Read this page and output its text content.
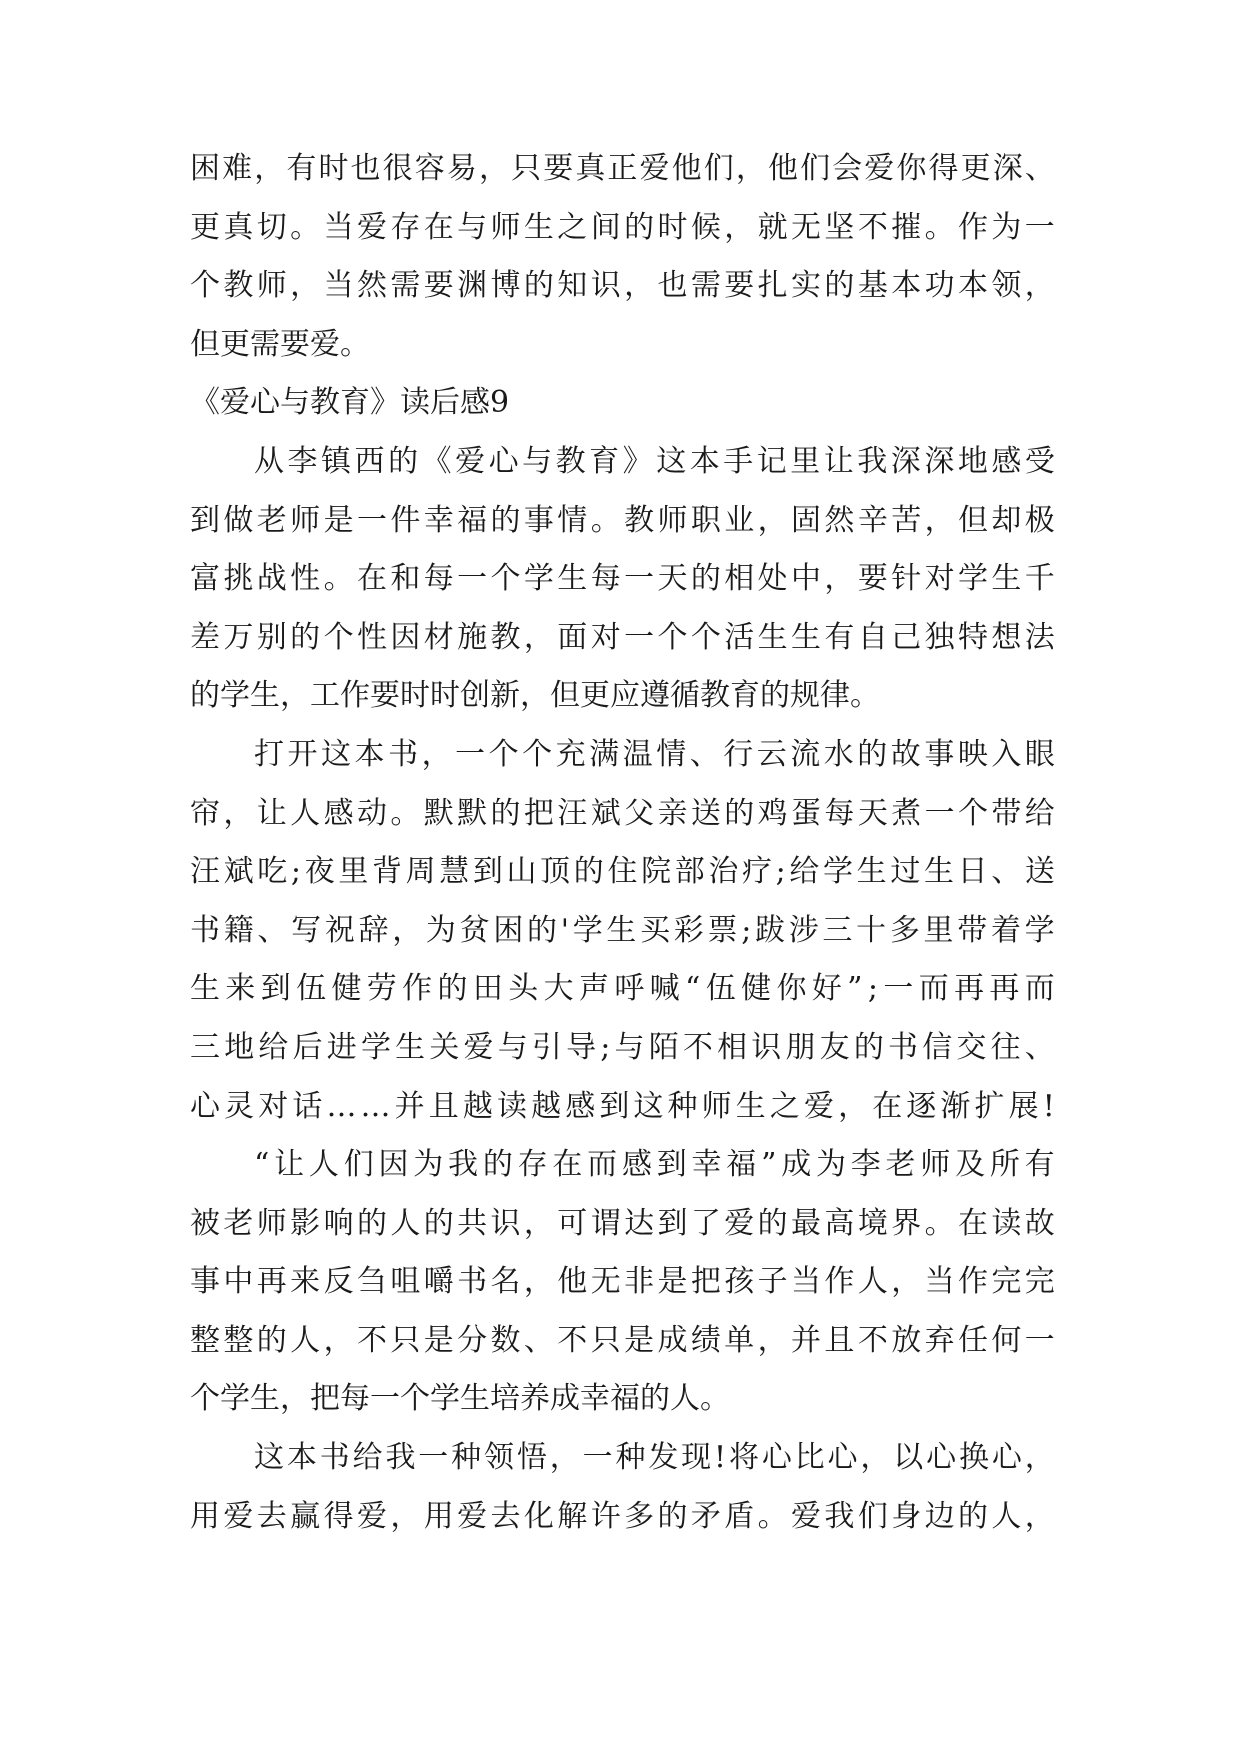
困 难 ， 有 时 也 很 容 易 ， 只 要 真 正 爱 他 们 ， 他 们 会 爱 你 得 更 深 、
更 真 切 。 当 爱 存 在 与 师 生 之 间 的 时 候 ， 就 无 坚 不 摧 。 作 为 一
个 教 师 ， 当 然 需 要 渊 博 的 知 识 ， 也 需 要 扎 实 的 基 本 功 本 领 ，
但更需要爱。
《爱心与教育》读后感9
从 李 镇 西 的 《 爱 心 与 教 育 》 这 本 手 记 里 让 我 深 深 地 感 受
到 做 老 师 是 一 件 幸 福 的 事 情 。 教 师 职 业 ， 固 然 辛 苦 ， 但 却 极
富 挑 战 性 。 在 和 每 一 个 学 生 每 一 天 的 相 处 中 ， 要 针 对 学 生 千
差 万 别 的 个 性 因 材 施 教 ， 面 对 一 个 个 活 生 生 有 自 己 独 特 想 法
的学生，工作要时时创新，但更应遵循教育的规律。
打 开 这 本 书 ， 一 个 个 充 满 温 情 、 行 云 流 水 的 故 事 映 入 眼
帘 ， 让 人 感 动 。 默 默 的 把 汪 斌 父 亲 送 的 鸡 蛋 每 天 煮 一 个 带 给
汪 斌 吃 ; 夜 里 背 周 慧 到 山 顶 的 住 院 部 治 疗 ; 给 学 生 过 生 日 、 送
书 籍 、 写 祝 辞 ， 为 贫 困 的 ' 学 生 买 彩 票 ; 跋 涉 三 十 多 里 带 着 学
生 来 到 伍 健 劳 作 的 田 头 大 声 呼 喊 “ 伍 健 你 好 ” ; 一 而 再 再 而
三 地 给 后 进 学 生 关 爱 与 引 导 ; 与 陌 不 相 识 朋 友 的 书 信 交 往 、
心 灵 对 话 … … 并 且 越 读 越 感 到 这 种 师 生 之 爱 ， 在 逐 渐 扩 展 !
“ 让 人 们 因 为 我 的 存 在 而 感 到 幸 福 ” 成 为 李 老 师 及 所 有
被 老 师 影 响 的 人 的 共 识 ， 可 谓 达 到 了 爱 的 最 高 境 界 。 在 读 故
事 中 再 来 反 刍 咀 嚼 书 名 ， 他 无 非 是 把 孩 子 当 作 人 ， 当 作 完 完
整 整 的 人 ， 不 只 是 分 数 、 不 只 是 成 绩 单 ， 并 且 不 放 弃 任 何 一
个学生，把每一个学生培养成幸福的人。
这 本 书 给 我 一 种 领 悟 ， 一 种 发 现 ! 将 心 比 心 ， 以 心 换 心 ，
用 爱 去 赢 得 爱 ， 用 爱 去 化 解 许 多 的 矛 盾 。 爱 我 们 身 边 的 人 ，
